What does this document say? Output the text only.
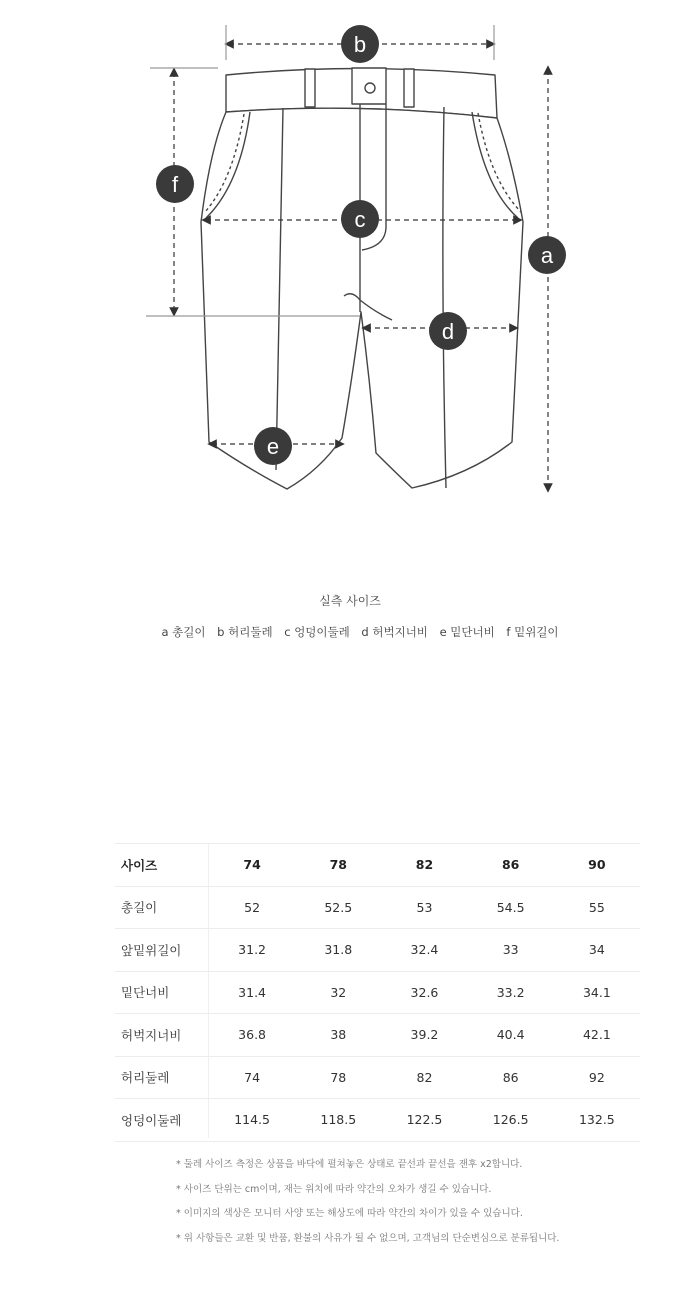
b
a
f
c
d
e
실측 사이즈
a 총길이 b 허리둘레 c 엉덩이둘레 d 허벅지너비 e 밑단너비 f 밑위길이
사이즈	74	78	82	86	90
총길이	52	52.5	53	54.5	55
앞밑위길이	31.2	31.8	32.4	33	34
밑단너비	31.4	32	32.6	33.2	34.1
허벅지너비	36.8	38	39.2	40.4	42.1
허리둘레	74	78	82	86	92
엉덩이둘레	114.5	118.5	122.5	126.5	132.5
* 둘레 사이즈 측정은 상품을 바닥에 펼쳐놓은 상태로 끝선과 끝선을 잰후 x2합니다.
* 사이즈 단위는 cm이며, 재는 위치에 따라 약간의 오차가 생길 수 있습니다.
* 이미지의 색상은 모니터 사양 또는 해상도에 따라 약간의 차이가 있을 수 있습니다.
* 위 사항들은 교환 및 반품, 환불의 사유가 될 수 없으며, 고객님의 단순변심으로 분류됩니다.
